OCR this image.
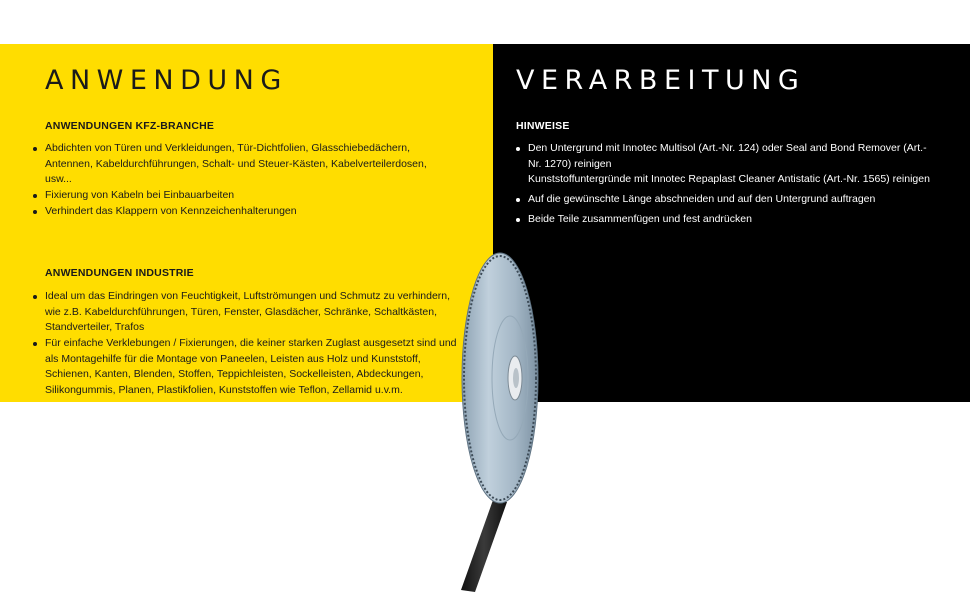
ANWENDUNG
ANWENDUNGEN KFZ-BRANCHE
Abdichten von Türen und Verkleidungen, Tür-Dichtfolien, Glasschiebedächern, Antennen, Kabeldurchführungen, Schalt- und Steuer-Kästen, Kabelverteilerdosen, usw...
Fixierung von Kabeln bei Einbauarbeiten
Verhindert das Klappern von Kennzeichenhalterungen
ANWENDUNGEN INDUSTRIE
Ideal um das Eindringen von Feuchtigkeit, Luftströmungen und Schmutz zu verhindern, wie z.B. Kabeldurchführungen, Türen, Fenster, Glasdächer, Schränke, Schaltkästen, Standverteiler, Trafos
Für einfache Verklebungen / Fixierungen, die keiner starken Zuglast ausgesetzt sind und als Montagehilfe für die Montage von Paneelen, Leisten aus Holz und Kunststoff, Schienen, Kanten, Blenden, Stoffen, Teppichleisten, Sockelleisten, Abdeckungen, Silikongummis, Planen, Plastikfolien, Kunststoffen wie Teflon, Zellamid u.v.m.
VERARBEITUNG
HINWEISE
Den Untergrund mit Innotec Multisol (Art.-Nr. 124) oder Seal and Bond Remover (Art.-Nr. 1270) reinigen
Kunststoffuntergründe mit Innotec Repaplast Cleaner Antistatic (Art.-Nr. 1565) reinigen
Auf die gewünschte Länge abschneiden und auf den Untergrund auftragen
Beide Teile zusammenfügen und fest andrücken
